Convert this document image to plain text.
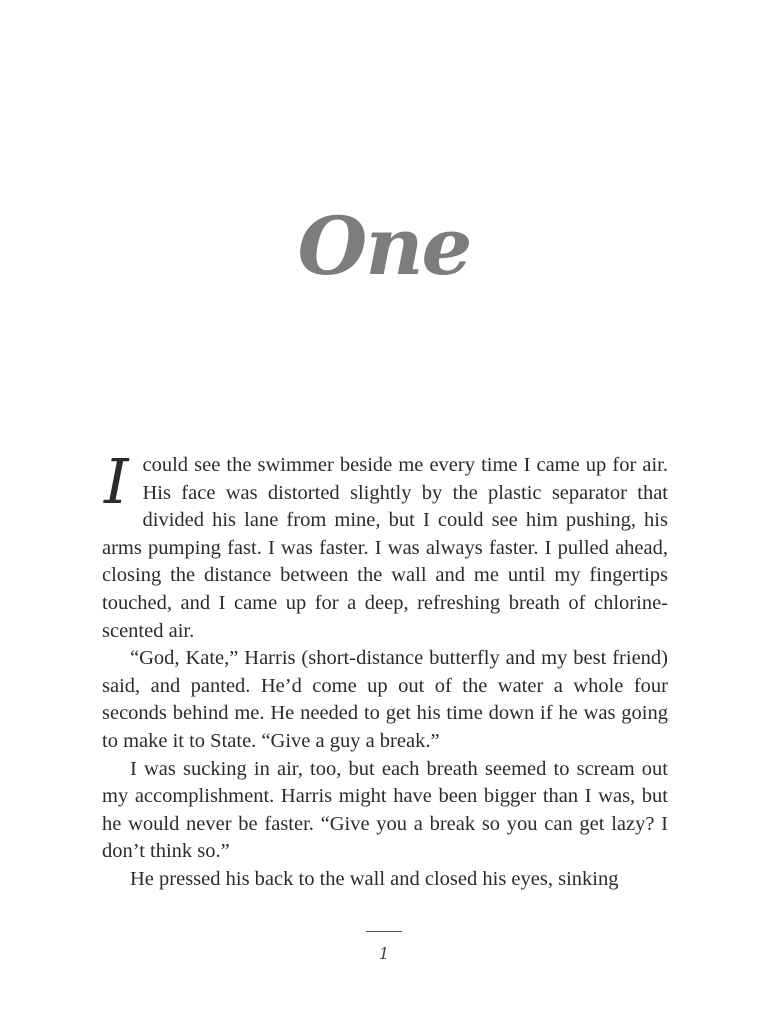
One

I could see the swimmer beside me every time I came up for air. His face was distorted slightly by the plastic separator that divided his lane from mine, but I could see him pushing, his arms pumping fast. I was faster. I was always faster. I pulled ahead, closing the distance between the wall and me until my fingertips touched, and I came up for a deep, refreshing breath of chlorine-scented air.

“God, Kate,” Harris (short-distance butterfly and my best friend) said, and panted. He’d come up out of the water a whole four seconds behind me. He needed to get his time down if he was going to make it to State. “Give a guy a break.”

I was sucking in air, too, but each breath seemed to scream out my accomplishment. Harris might have been bigger than I was, but he would never be faster. “Give you a break so you can get lazy? I don’t think so.”

He pressed his back to the wall and closed his eyes, sinking

1
